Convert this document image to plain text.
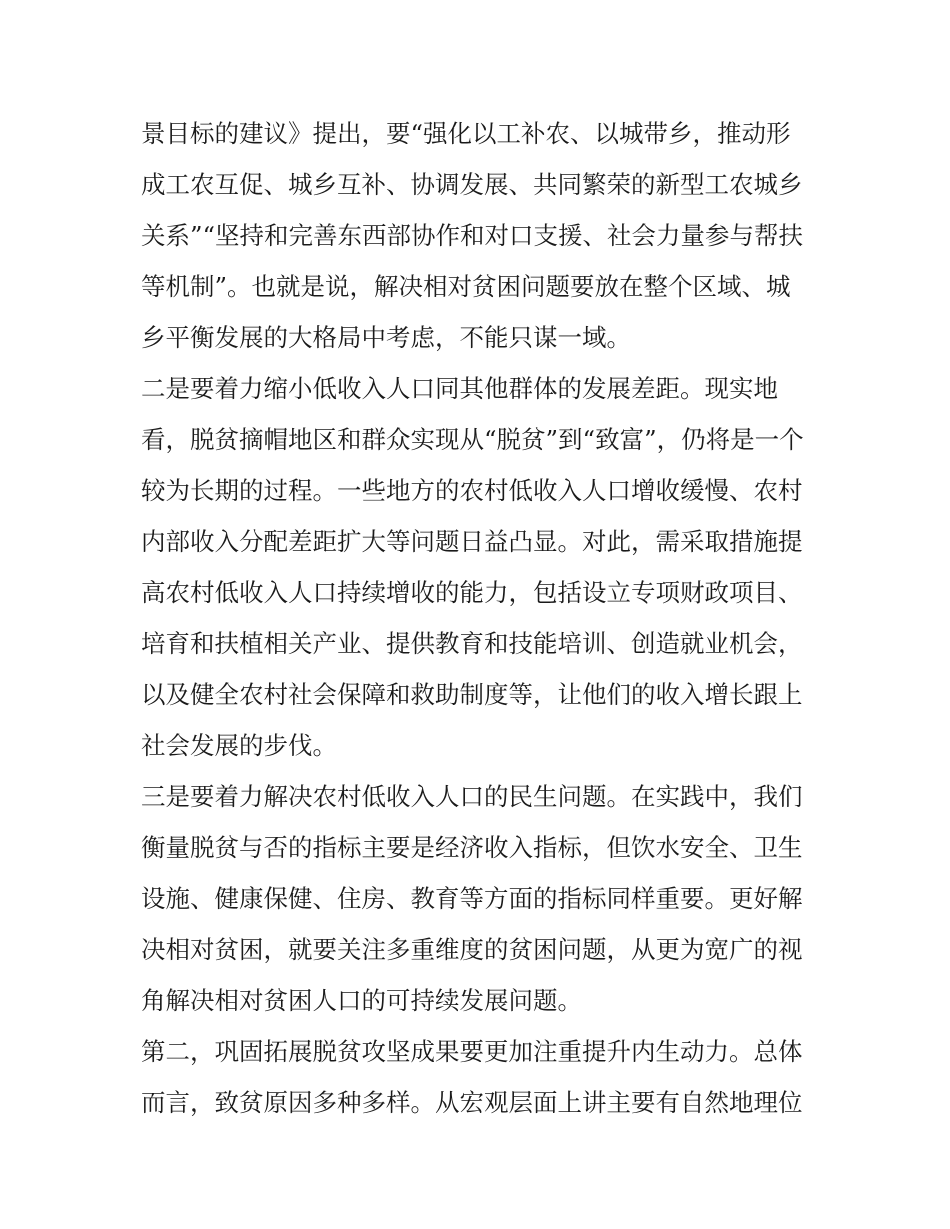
景目标的建议》提出，要“强化以工补农、以城带乡，推动形
成工农互促、城乡互补、协调发展、共同繁荣的新型工农城乡
关系”“坚持和完善东西部协作和对口支援、社会力量参与帮扶
等机制”。也就是说，解决相对贫困问题要放在整个区域、城
乡平衡发展的大格局中考虑，不能只谋一域。
二是要着力缩小低收入人口同其他群体的发展差距。现实地
看，脱贫摘帽地区和群众实现从“脱贫”到“致富”，仍将是一个
较为长期的过程。一些地方的农村低收入人口增收缓慢、农村
内部收入分配差距扩大等问题日益凸显。对此，需采取措施提
高农村低收入人口持续增收的能力，包括设立专项财政项目、
培育和扶植相关产业、提供教育和技能培训、创造就业机会，
以及健全农村社会保障和救助制度等，让他们的收入增长跟上
社会发展的步伐。
三是要着力解决农村低收入人口的民生问题。在实践中，我们
衡量脱贫与否的指标主要是经济收入指标，但饮水安全、卫生
设施、健康保健、住房、教育等方面的指标同样重要。更好解
决相对贫困，就要关注多重维度的贫困问题，从更为宽广的视
角解决相对贫困人口的可持续发展问题。
第二，巩固拓展脱贫攻坚成果要更加注重提升内生动力。总体
而言，致贫原因多种多样。从宏观层面上讲主要有自然地理位
